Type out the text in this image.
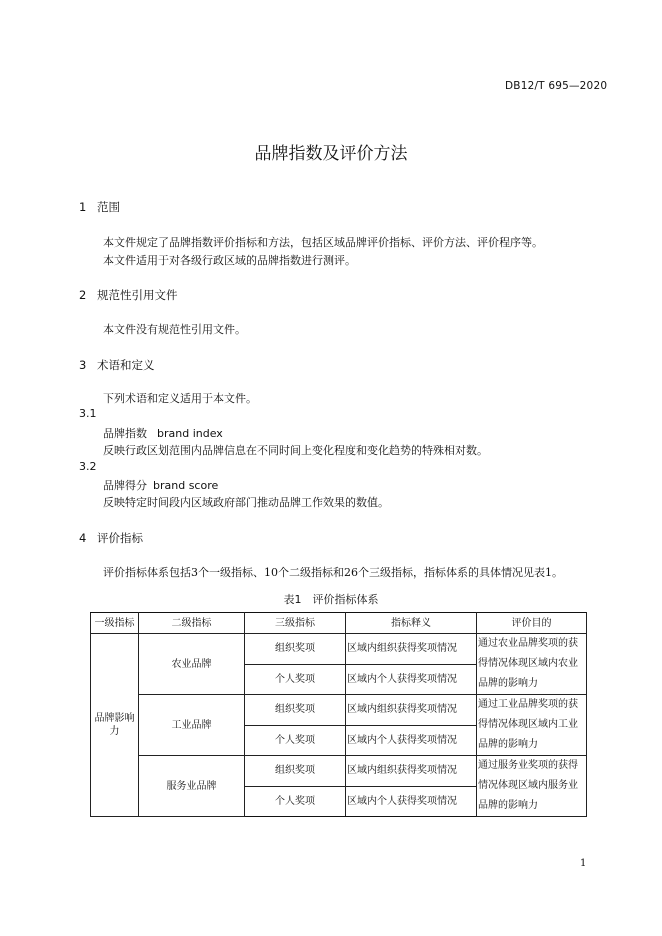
DB12/T 695—2020
品牌指数及评价方法
1 范围
本文件规定了品牌指数评价指标和方法，包括区域品牌评价指标、评价方法、评价程序等。
本文件适用于对各级行政区域的品牌指数进行测评。
2 规范性引用文件
本文件没有规范性引用文件。
3 术语和定义
下列术语和定义适用于本文件。
3.1
品牌指数 brand index
反映行政区划范围内品牌信息在不同时间上变化程度和变化趋势的特殊相对数。
3.2
品牌得分 brand score
反映特定时间段内区域政府部门推动品牌工作效果的数值。
4 评价指标
评价指标体系包括3个一级指标、10个二级指标和26个三级指标，指标体系的具体情况见表1。
表1　评价指标体系
一级指标	二级指标	三级指标	指标释义	评价目的
品牌影响力	农业品牌	组织奖项	区域内组织获得奖项情况	通过农业品牌奖项的获得情况体现区域内农业品牌的影响力
		个人奖项	区域内个人获得奖项情况	
	工业品牌	组织奖项	区域内组织获得奖项情况	通过工业品牌奖项的获得情况体现区域内工业品牌的影响力
		个人奖项	区域内个人获得奖项情况	
	服务业品牌	组织奖项	区域内组织获得奖项情况	通过服务业奖项的获得情况体现区域内服务业品牌的影响力
		个人奖项	区域内个人获得奖项情况	
1
